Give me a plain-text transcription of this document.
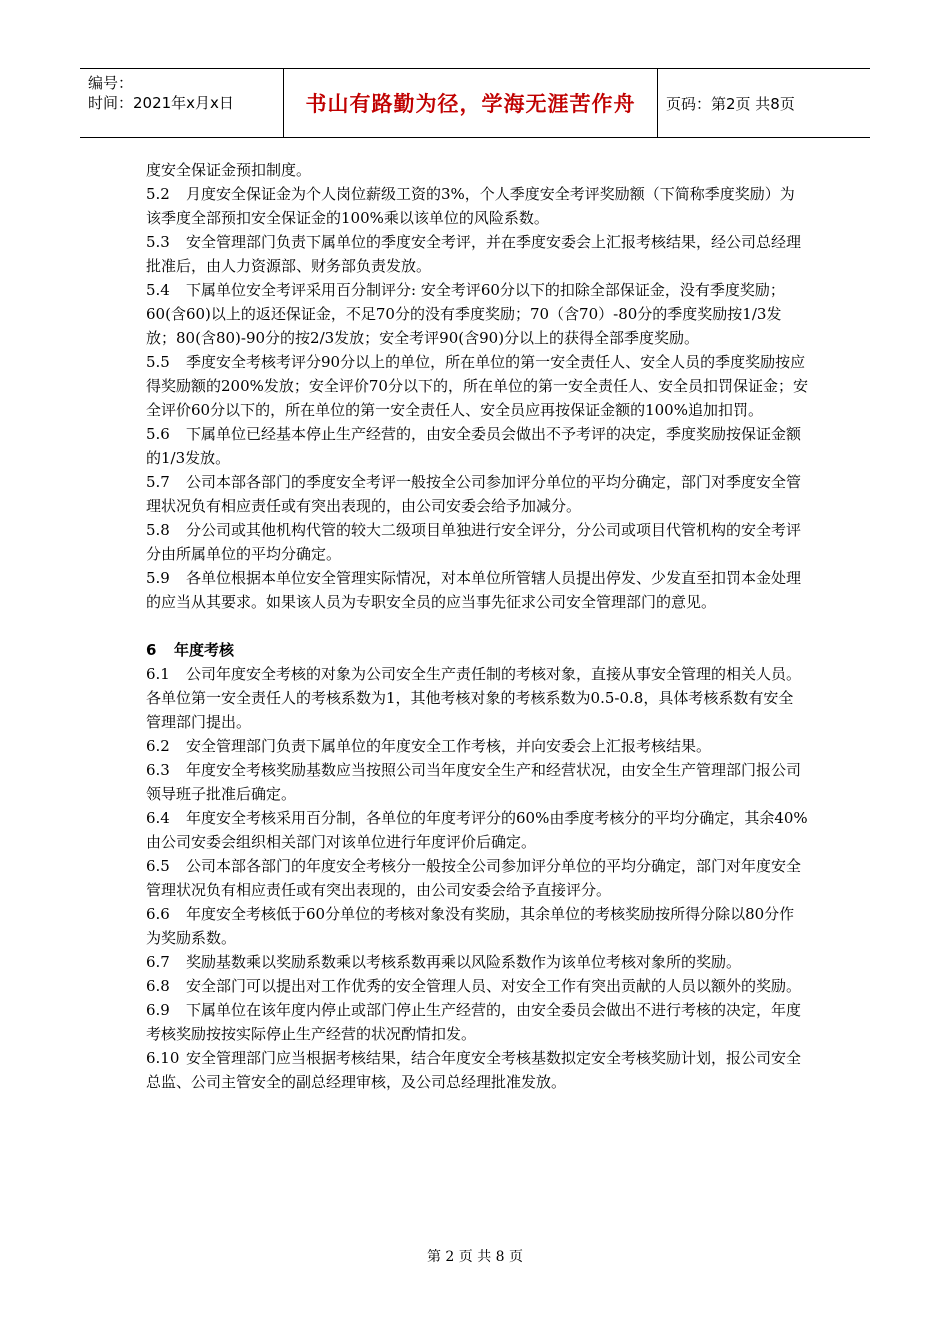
编号：
时间：2021年x月x日	书山有路勤为径，学海无涯苦作舟	页码：第2页 共8页

度安全保证金预扣制度。

5.2 月度安全保证金为个人岗位薪级工资的3%，个人季度安全考评奖励额（下简称季度奖励）为该季度全部预扣安全保证金的100%乘以该单位的风险系数。

5.3 安全管理部门负责下属单位的季度安全考评，并在季度安委会上汇报考核结果，经公司总经理批准后，由人力资源部、财务部负责发放。

5.4 下属单位安全考评采用百分制评分: 安全考评60分以下的扣除全部保证金，没有季度奖励；60(含60)以上的返还保证金，不足70分的没有季度奖励；70（含70）-80分的季度奖励按1/3发放；80(含80)-90分的按2/3发放；安全考评90(含90)分以上的获得全部季度奖励。

5.5 季度安全考核考评分90分以上的单位，所在单位的第一安全责任人、安全人员的季度奖励按应得奖励额的200%发放；安全评价70分以下的，所在单位的第一安全责任人、安全员扣罚保证金；安全评价60分以下的，所在单位的第一安全责任人、安全员应再按保证金额的100%追加扣罚。

5.6 下属单位已经基本停止生产经营的，由安全委员会做出不予考评的决定，季度奖励按保证金额的1/3发放。

5.7 公司本部各部门的季度安全考评一般按全公司参加评分单位的平均分确定，部门对季度安全管理状况负有相应责任或有突出表现的，由公司安委会给予加减分。

5.8 分公司或其他机构代管的较大二级项目单独进行安全评分，分公司或项目代管机构的安全考评分由所属单位的平均分确定。

5.9 各单位根据本单位安全管理实际情况，对本单位所管辖人员提出停发、少发直至扣罚本金处理的应当从其要求。如果该人员为专职安全员的应当事先征求公司安全管理部门的意见。

6 年度考核

6.1 公司年度安全考核的对象为公司安全生产责任制的考核对象，直接从事安全管理的相关人员。各单位第一安全责任人的考核系数为1，其他考核对象的考核系数为0.5-0.8，具体考核系数有安全管理部门提出。

6.2 安全管理部门负责下属单位的年度安全工作考核，并向安委会上汇报考核结果。

6.3 年度安全考核奖励基数应当按照公司当年度安全生产和经营状况，由安全生产管理部门报公司领导班子批准后确定。

6.4 年度安全考核采用百分制，各单位的年度考评分的60%由季度考核分的平均分确定，其余40%由公司安委会组织相关部门对该单位进行年度评价后确定。

6.5 公司本部各部门的年度安全考核分一般按全公司参加评分单位的平均分确定，部门对年度安全管理状况负有相应责任或有突出表现的，由公司安委会给予直接评分。

6.6 年度安全考核低于60分单位的考核对象没有奖励，其余单位的考核奖励按所得分除以80分作为奖励系数。

6.7 奖励基数乘以奖励系数乘以考核系数再乘以风险系数作为该单位考核对象所的奖励。

6.8 安全部门可以提出对工作优秀的安全管理人员、对安全工作有突出贡献的人员以额外的奖励。

6.9 下属单位在该年度内停止或部门停止生产经营的，由安全委员会做出不进行考核的决定，年度考核奖励按按实际停止生产经营的状况酌情扣发。

6.10 安全管理部门应当根据考核结果，结合年度安全考核基数拟定安全考核奖励计划，报公司安全总监、公司主管安全的副总经理审核，及公司总经理批准发放。

第 2 页 共 8 页
